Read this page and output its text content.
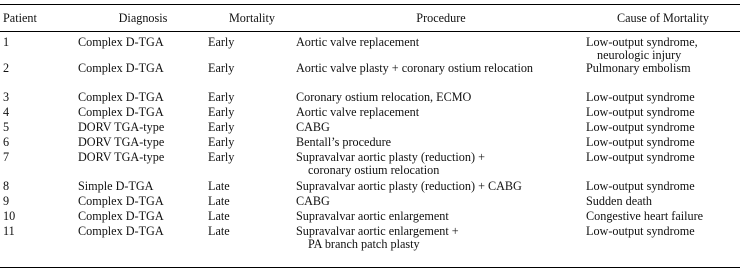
Patient	Diagnosis	Mortality	Procedure	Cause of Mortality
1	Complex D-TGA	Early	Aortic valve replacement	Low-output syndrome,
neurologic injury

2	Complex D-TGA	Early	Aortic valve plasty + coronary ostium relocation	Pulmonary embolism

3	Complex D-TGA	Early	Coronary ostium relocation, ECMO	Low-output syndrome

4	Complex D-TGA	Early	Aortic valve replacement	Low-output syndrome

5	DORV TGA-type	Early	CABG	Low-output syndrome

6	DORV TGA-type	Early	Bentall’s procedure	Low-output syndrome

7	DORV TGA-type	Early	Supravalvar aortic plasty (reduction) +
coronary ostium relocation	Low-output syndrome

8	Simple D-TGA	Late	Supravalvar aortic plasty (reduction) + CABG	Low-output syndrome

9	Complex D-TGA	Late	CABG	Sudden death

10	Complex D-TGA	Late	Supravalvar aortic enlargement	Congestive heart failure

11	Complex D-TGA	Late	Supravalvar aortic enlargement +
PA branch patch plasty	Low-output syndrome
